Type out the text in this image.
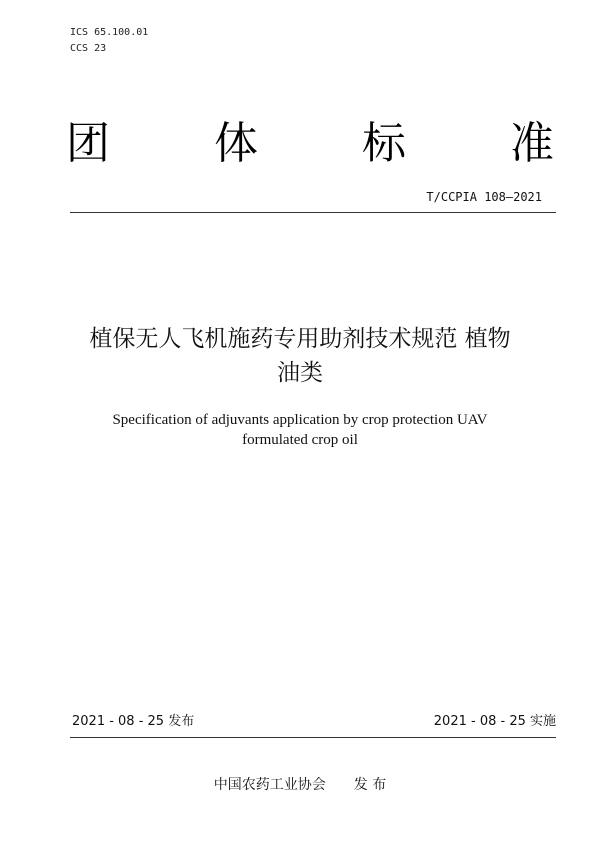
ICS 65.100.01
CCS 23
团 体 标 准
T/CCPIA 108—2021
植保无人飞机施药专用助剂技术规范 植物
油类
Specification of adjuvants application by crop protection UAV
formulated crop oil
2021 - 08 - 25 发布	2021 - 08 - 25 实施
中国农药工业协会 发 布
